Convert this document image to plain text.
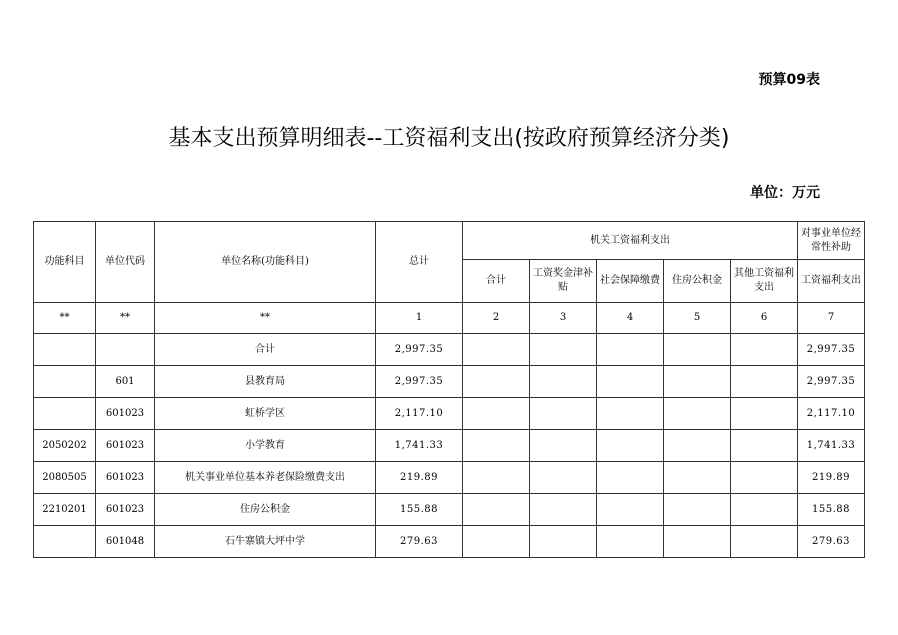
预算09表
基本支出预算明细表--工资福利支出(按政府预算经济分类)
单位：万元
功能科目	单位代码	单位名称(功能科目)	总计	机关工资福利支出					对事业单位经常性补助
				合计	工资奖金津补贴	社会保障缴费	住房公积金	其他工资福利支出	工资福利支出
**	**	**	1	2	3	4	5	6	7
		合计	2,997.35						2,997.35
	601	县教育局	2,997.35						2,997.35
	601023	虹桥学区	2,117.10						2,117.10
2050202	601023	小学教育	1,741.33						1,741.33
2080505	601023	机关事业单位基本养老保险缴费支出	219.89						219.89
2210201	601023	住房公积金	155.88						155.88
	601048	石牛寨镇大坪中学	279.63						279.63
